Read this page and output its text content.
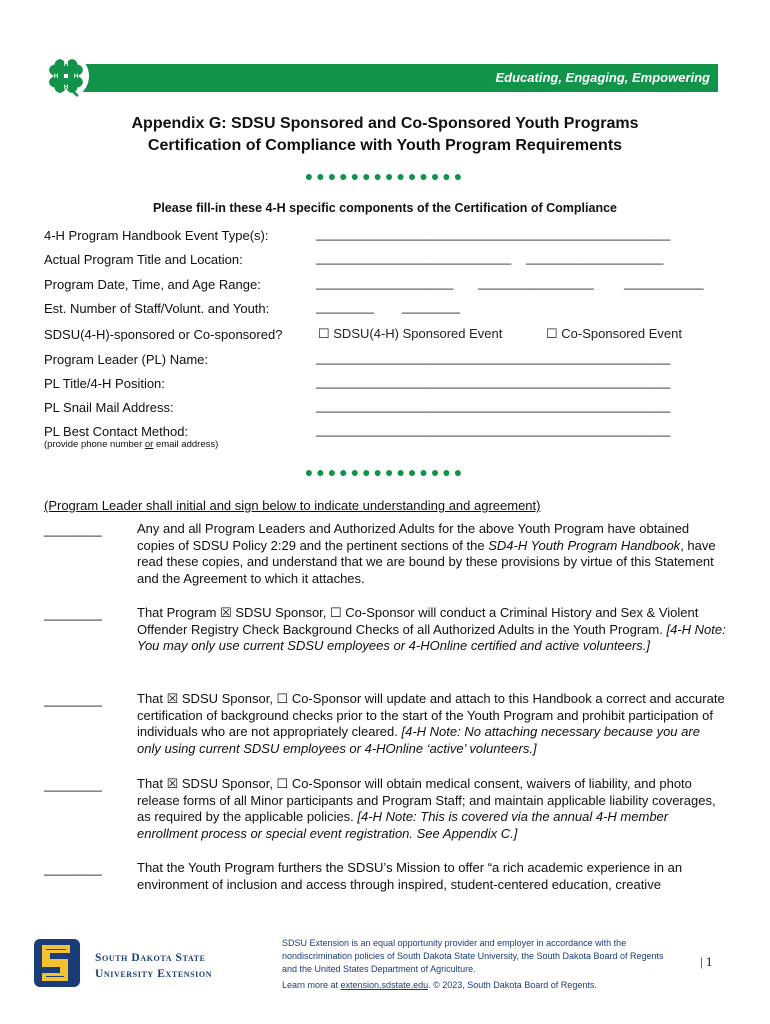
Educating, Engaging, Empowering
H
H
H
H
Appendix G: SDSU Sponsored and Co-Sponsored Youth Programs
Certification of Compliance with Youth Program Requirements
●●●●●●●●●●●●●●
Please fill-in these 4-H specific components of the Certification of Compliance
4-H Program Handbook Event Type(s):	_________________________________________________
Actual Program Title and Location:	___________________________ ___________________
Program Date, Time, and Age Range:	___________________ ________________ ___________
Est. Number of Staff/Volunt. and Youth:	________ ________
SDSU(4-H)-sponsored or Co-sponsored?	☐ SDSU(4-H) Sponsored Event	☐ Co-Sponsored Event
Program Leader (PL) Name:	_________________________________________________
PL Title/4-H Position:	_________________________________________________
PL Snail Mail Address:	_________________________________________________
PL Best Contact Method:	_________________________________________________
(provide phone number or email address)
●●●●●●●●●●●●●●
(Program Leader shall initial and sign below to indicate understanding and agreement)
________	Any and all Program Leaders and Authorized Adults for the above Youth Program have obtained copies of SDSU Policy 2:29 and the pertinent sections of the SD4-H Youth Program Handbook, have read these copies, and understand that we are bound by these provisions by virtue of this Statement and the Agreement to which it attaches.
________	That Program ☒ SDSU Sponsor, ☐ Co-Sponsor will conduct a Criminal History and Sex & Violent Offender Registry Check Background Checks of all Authorized Adults in the Youth Program. [4-H Note: You may only use current SDSU employees or 4-HOnline certified and active volunteers.]
________	That ☒ SDSU Sponsor, ☐ Co-Sponsor will update and attach to this Handbook a correct and accurate certification of background checks prior to the start of the Youth Program and prohibit participation of individuals who are not appropriately cleared. [4-H Note: No attaching necessary because you are only using current SDSU employees or 4-HOnline ‘active’ volunteers.]
________	That ☒ SDSU Sponsor, ☐ Co-Sponsor will obtain medical consent, waivers of liability, and photo release forms of all Minor participants and Program Staff; and maintain applicable liability coverages, as required by the applicable policies. [4-H Note: This is covered via the annual 4-H member enrollment process or special event registration. See Appendix C.]
________	That the Youth Program furthers the SDSU’s Mission to offer “a rich academic experience in an environment of inclusion and access through inspired, student-centered education, creative
South Dakota State
University Extension
SDSU Extension is an equal opportunity provider and employer in accordance with the nondiscrimination policies of South Dakota State University, the South Dakota Board of Regents and the United States Department of Agriculture.
Learn more at extension.sdstate.edu. © 2023, South Dakota Board of Regents.
| 1
